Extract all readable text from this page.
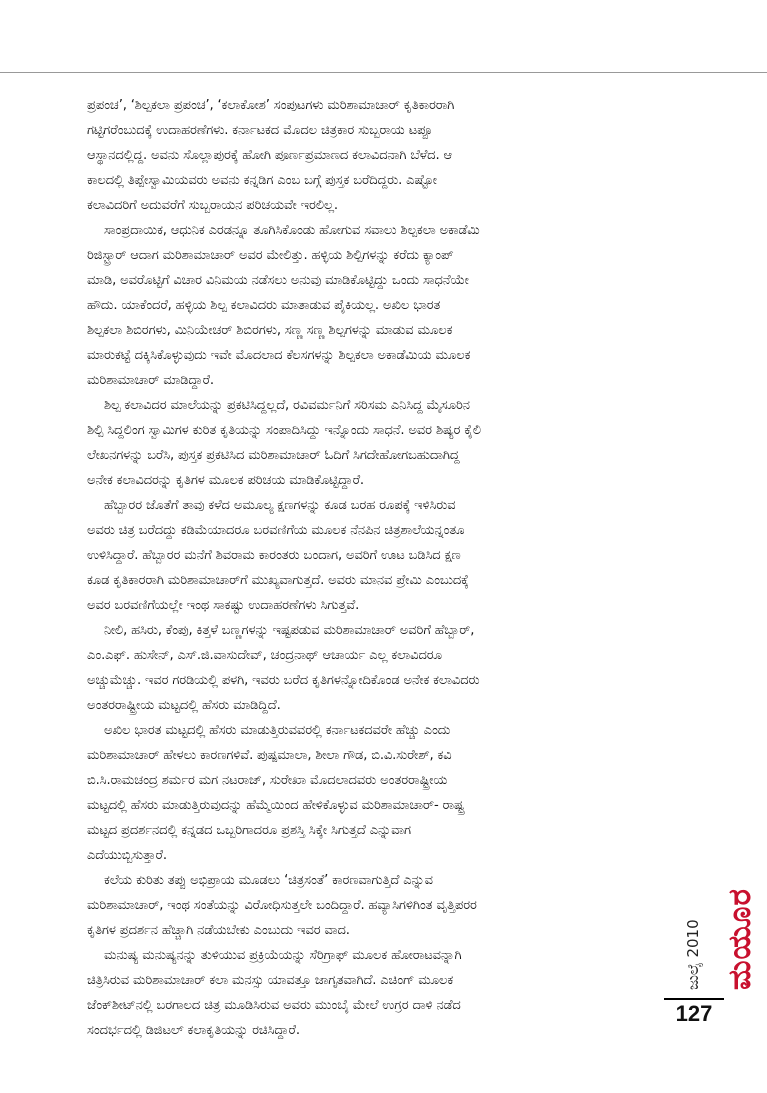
ಪ್ರಪಂಚ’, ‘ಶಿಲ್ಪಕಲಾ ಪ್ರಪಂಚ’, ‘ಕಲಾಕೋಶ’ ಸಂಪುಟಗಳು ಮರಿಶಾಮಾಚಾರ್ ಕೃತಿಕಾರರಾಗಿ
ಗಟ್ಟಿಗರೆಂಬುದಕ್ಕೆ ಉದಾಹರಣೆಗಳು. ಕರ್ನಾಟಕದ ಮೊದಲ ಚಿತ್ರಕಾರ ಸುಬ್ಬರಾಯ ಟಪ್ಪೂ
ಆಸ್ಥಾನದಲ್ಲಿದ್ದ. ಅವನು ಸೊಲ್ಲಾಪುರಕ್ಕೆ ಹೋಗಿ ಪೂರ್ಣಪ್ರಮಾಣದ ಕಲಾವಿದನಾಗಿ ಬೆಳೆದ. ಆ
ಕಾಲದಲ್ಲಿ ತಿಪ್ಪೇಸ್ವಾಮಿಯವರು ಅವನು ಕನ್ನಡಿಗ ಎಂಬ ಬಗ್ಗೆ ಪುಸ್ತಕ ಬರೆದಿದ್ದರು. ಎಷ್ಟೋ
ಕಲಾವಿದರಿಗೆ ಅದುವರೆಗೆ ಸುಬ್ಬರಾಯನ ಪರಿಚಯವೇ ಇರಲಿಲ್ಲ.
ಸಾಂಪ್ರದಾಯಿಕ, ಆಧುನಿಕ ಎರಡನ್ನೂ ತೂಗಿಸಿಕೊಂಡು ಹೋಗುವ ಸವಾಲು ಶಿಲ್ಪಕಲಾ ಅಕಾಡೆಮಿ
ರಿಜಿಸ್ಟ್ರಾರ್ ಆದಾಗ ಮರಿಶಾಮಾಚಾರ್ ಅವರ ಮೇಲಿತ್ತು. ಹಳ್ಳಿಯ ಶಿಲ್ಪಿಗಳನ್ನು ಕರೆದು ಕ್ಯಾಂಪ್
ಮಾಡಿ, ಅವರೊಟ್ಟಿಗೆ ವಿಚಾರ ವಿನಿಮಯ ನಡೆಸಲು ಅನುವು ಮಾಡಿಕೊಟ್ಟಿದ್ದು ಒಂದು ಸಾಧನೆಯೇ
ಹೌದು. ಯಾಕೆಂದರೆ, ಹಳ್ಳಿಯ ಶಿಲ್ಪ ಕಲಾವಿದರು ಮಾತಾಡುವ ಪೈಕಿಯಲ್ಲ. ಅಖಿಲ ಭಾರತ
ಶಿಲ್ಪಕಲಾ ಶಿಬಿರಗಳು, ಮಿನಿಯೇಚರ್ ಶಿಬಿರಗಳು, ಸಣ್ಣ ಸಣ್ಣ ಶಿಲ್ಪಗಳನ್ನು ಮಾಡುವ ಮೂಲಕ
ಮಾರುಕಟ್ಟೆ ದಕ್ಕಿಸಿಕೊಳ್ಳುವುದು ಇವೇ ಮೊದಲಾದ ಕೆಲಸಗಳನ್ನು ಶಿಲ್ಪಕಲಾ ಅಕಾಡೆಮಿಯ ಮೂಲಕ
ಮರಿಶಾಮಾಚಾರ್ ಮಾಡಿದ್ದಾರೆ.
ಶಿಲ್ಪ ಕಲಾವಿದರ ಮಾಲೆಯನ್ನು ಪ್ರಕಟಿಸಿದ್ದಲ್ಲದೆ, ರವಿವರ್ಮನಿಗೆ ಸರಿಸಮ ಎನಿಸಿದ್ದ ಮೈಸೂರಿನ
ಶಿಲ್ಪಿ ಸಿದ್ದಲಿಂಗ ಸ್ವಾಮಿಗಳ ಕುರಿತ ಕೃತಿಯನ್ನು ಸಂಪಾದಿಸಿದ್ದು ಇನ್ನೊಂದು ಸಾಧನೆ. ಅವರ ಶಿಷ್ಯರ ಕೈಲಿ
ಲೇಖನಗಳನ್ನು ಬರೆಸಿ, ಪುಸ್ತಕ ಪ್ರಕಟಿಸಿದ ಮರಿಶಾಮಾಚಾರ್ ಓದಿಗೆ ಸಿಗದೇಹೋಗಬಹುದಾಗಿದ್ದ
ಅನೇಕ ಕಲಾವಿದರನ್ನು ಕೃತಿಗಳ ಮೂಲಕ ಪರಿಚಯ ಮಾಡಿಕೊಟ್ಟಿದ್ದಾರೆ.
ಹೆಬ್ಬಾರರ ಜೊತೆಗೆ ತಾವು ಕಳೆದ ಅಮೂಲ್ಯ ಕ್ಷಣಗಳನ್ನು ಕೂಡ ಬರಹ ರೂಪಕ್ಕೆ ಇಳಿಸಿರುವ
ಅವರು ಚಿತ್ರ ಬರೆದದ್ದು ಕಡಿಮೆಯಾದರೂ ಬರವಣಿಗೆಯ ಮೂಲಕ ನೆನಪಿನ ಚಿತ್ರಶಾಲೆಯನ್ನಂತೂ
ಉಳಿಸಿದ್ದಾರೆ. ಹೆಬ್ಬಾರರ ಮನೆಗೆ ಶಿವರಾಮ ಕಾರಂತರು ಬಂದಾಗ, ಅವರಿಗೆ ಊಟ ಬಡಿಸಿದ ಕ್ಷಣ
ಕೂಡ ಕೃತಿಕಾರರಾಗಿ ಮರಿಶಾಮಾಚಾರ್‌ಗೆ ಮುಖ್ಯವಾಗುತ್ತದೆ. ಅವರು ಮಾನವ ಪ್ರೇಮಿ ಎಂಬುದಕ್ಕೆ
ಅವರ ಬರವಣಿಗೆಯಲ್ಲೇ ಇಂಥ ಸಾಕಷ್ಟು ಉದಾಹರಣೆಗಳು ಸಿಗುತ್ತವೆ.
ನೀಲಿ, ಹಸಿರು, ಕೆಂಪು, ಕಿತ್ತಳೆ ಬಣ್ಣಗಳನ್ನು ಇಷ್ಟಪಡುವ ಮರಿಶಾಮಾಚಾರ್ ಅವರಿಗೆ ಹೆಬ್ಬಾರ್,
ಎಂ.ಎಫ್. ಹುಸೇನ್, ಎಸ್.ಜಿ.ವಾಸುದೇವ್, ಚಂದ್ರನಾಥ್ ಆಚಾರ್ಯ ಎಲ್ಲ ಕಲಾವಿದರೂ
ಅಚ್ಚುಮೆಚ್ಚು. ಇವರ ಗರಡಿಯಲ್ಲಿ ಪಳಗಿ, ಇವರು ಬರೆದ ಕೃತಿಗಳನ್ನೋದಿಕೊಂಡ ಅನೇಕ ಕಲಾವಿದರು
ಅಂತರರಾಷ್ಟ್ರೀಯ ಮಟ್ಟದಲ್ಲಿ ಹೆಸರು ಮಾಡಿದ್ದಿದೆ.
ಅಖಿಲ ಭಾರತ ಮಟ್ಟದಲ್ಲಿ ಹೆಸರು ಮಾಡುತ್ತಿರುವವರಲ್ಲಿ ಕರ್ನಾಟಕದವರೇ ಹೆಚ್ಚು ಎಂದು
ಮರಿಶಾಮಾಚಾರ್ ಹೇಳಲು ಕಾರಣಗಳಿವೆ. ಪುಷ್ಪಮಾಲಾ, ಶೀಲಾ ಗೌಡ, ಬಿ.ವಿ.ಸುರೇಶ್, ಕವಿ
ಬಿ.ಸಿ.ರಾಮಚಂದ್ರ ಶರ್ಮರ ಮಗ ನಟರಾಜ್, ಸುರೇಖಾ ಮೊದಲಾದವರು ಅಂತರರಾಷ್ಟ್ರೀಯ
ಮಟ್ಟದಲ್ಲಿ ಹೆಸರು ಮಾಡುತ್ತಿರುವುದನ್ನು ಹೆಮ್ಮೆಯಿಂದ ಹೇಳಿಕೊಳ್ಳುವ ಮರಿಶಾಮಾಚಾರ್- ರಾಷ್ಟ್ರ
ಮಟ್ಟದ ಪ್ರದರ್ಶನದಲ್ಲಿ ಕನ್ನಡದ ಒಬ್ಬರಿಗಾದರೂ ಪ್ರಶಸ್ತಿ ಸಿಕ್ಕೇ ಸಿಗುತ್ತದೆ ಎನ್ನುವಾಗ
ಎದೆಯುಬ್ಬಿಸುತ್ತಾರೆ.
ಕಲೆಯ ಕುರಿತು ತಪ್ಪು ಅಭಿಪ್ರಾಯ ಮೂಡಲು ‘ಚಿತ್ರಸಂತೆ’ ಕಾರಣವಾಗುತ್ತಿದೆ ಎನ್ನುವ
ಮರಿಶಾಮಾಚಾರ್, ಇಂಥ ಸಂತೆಯನ್ನು ವಿರೋಧಿಸುತ್ತಲೇ ಬಂದಿದ್ದಾರೆ. ಹವ್ಯಾಸಿಗಳಿಗಿಂತ ವೃತ್ತಿಪರರ
ಕೃತಿಗಳ ಪ್ರದರ್ಶನ ಹೆಚ್ಚಾಗಿ ನಡೆಯಬೇಕು ಎಂಬುದು ಇವರ ವಾದ.
ಮನುಷ್ಯ ಮನುಷ್ಯನನ್ನು ತುಳಿಯುವ ಪ್ರಕ್ರಿಯೆಯನ್ನು ಸೆರಿಗ್ರಾಫ್ ಮೂಲಕ ಹೋರಾಟವನ್ನಾಗಿ
ಚಿತ್ರಿಸಿರುವ ಮರಿಶಾಮಾಚಾರ್ ಕಲಾ ಮನಸ್ಸು ಯಾವತ್ತೂ ಜಾಗೃತವಾಗಿದೆ. ಎಚಿಂಗ್ ಮೂಲಕ
ಜೆಂಕ್‌ಶೀಟ್‌ನಲ್ಲಿ ಬರಗಾಲದ ಚಿತ್ರ ಮೂಡಿಸಿರುವ ಅವರು ಮುಂಬೈ ಮೇಲೆ ಉಗ್ರರ ದಾಳಿ ನಡೆದ
ಸಂದರ್ಭದಲ್ಲಿ ಡಿಜಿಟಲ್ ಕಲಾಕೃತಿಯನ್ನು ರಚಿಸಿದ್ದಾರೆ.
ಜುಲೈ 2010 ಮಯೂರ
127
